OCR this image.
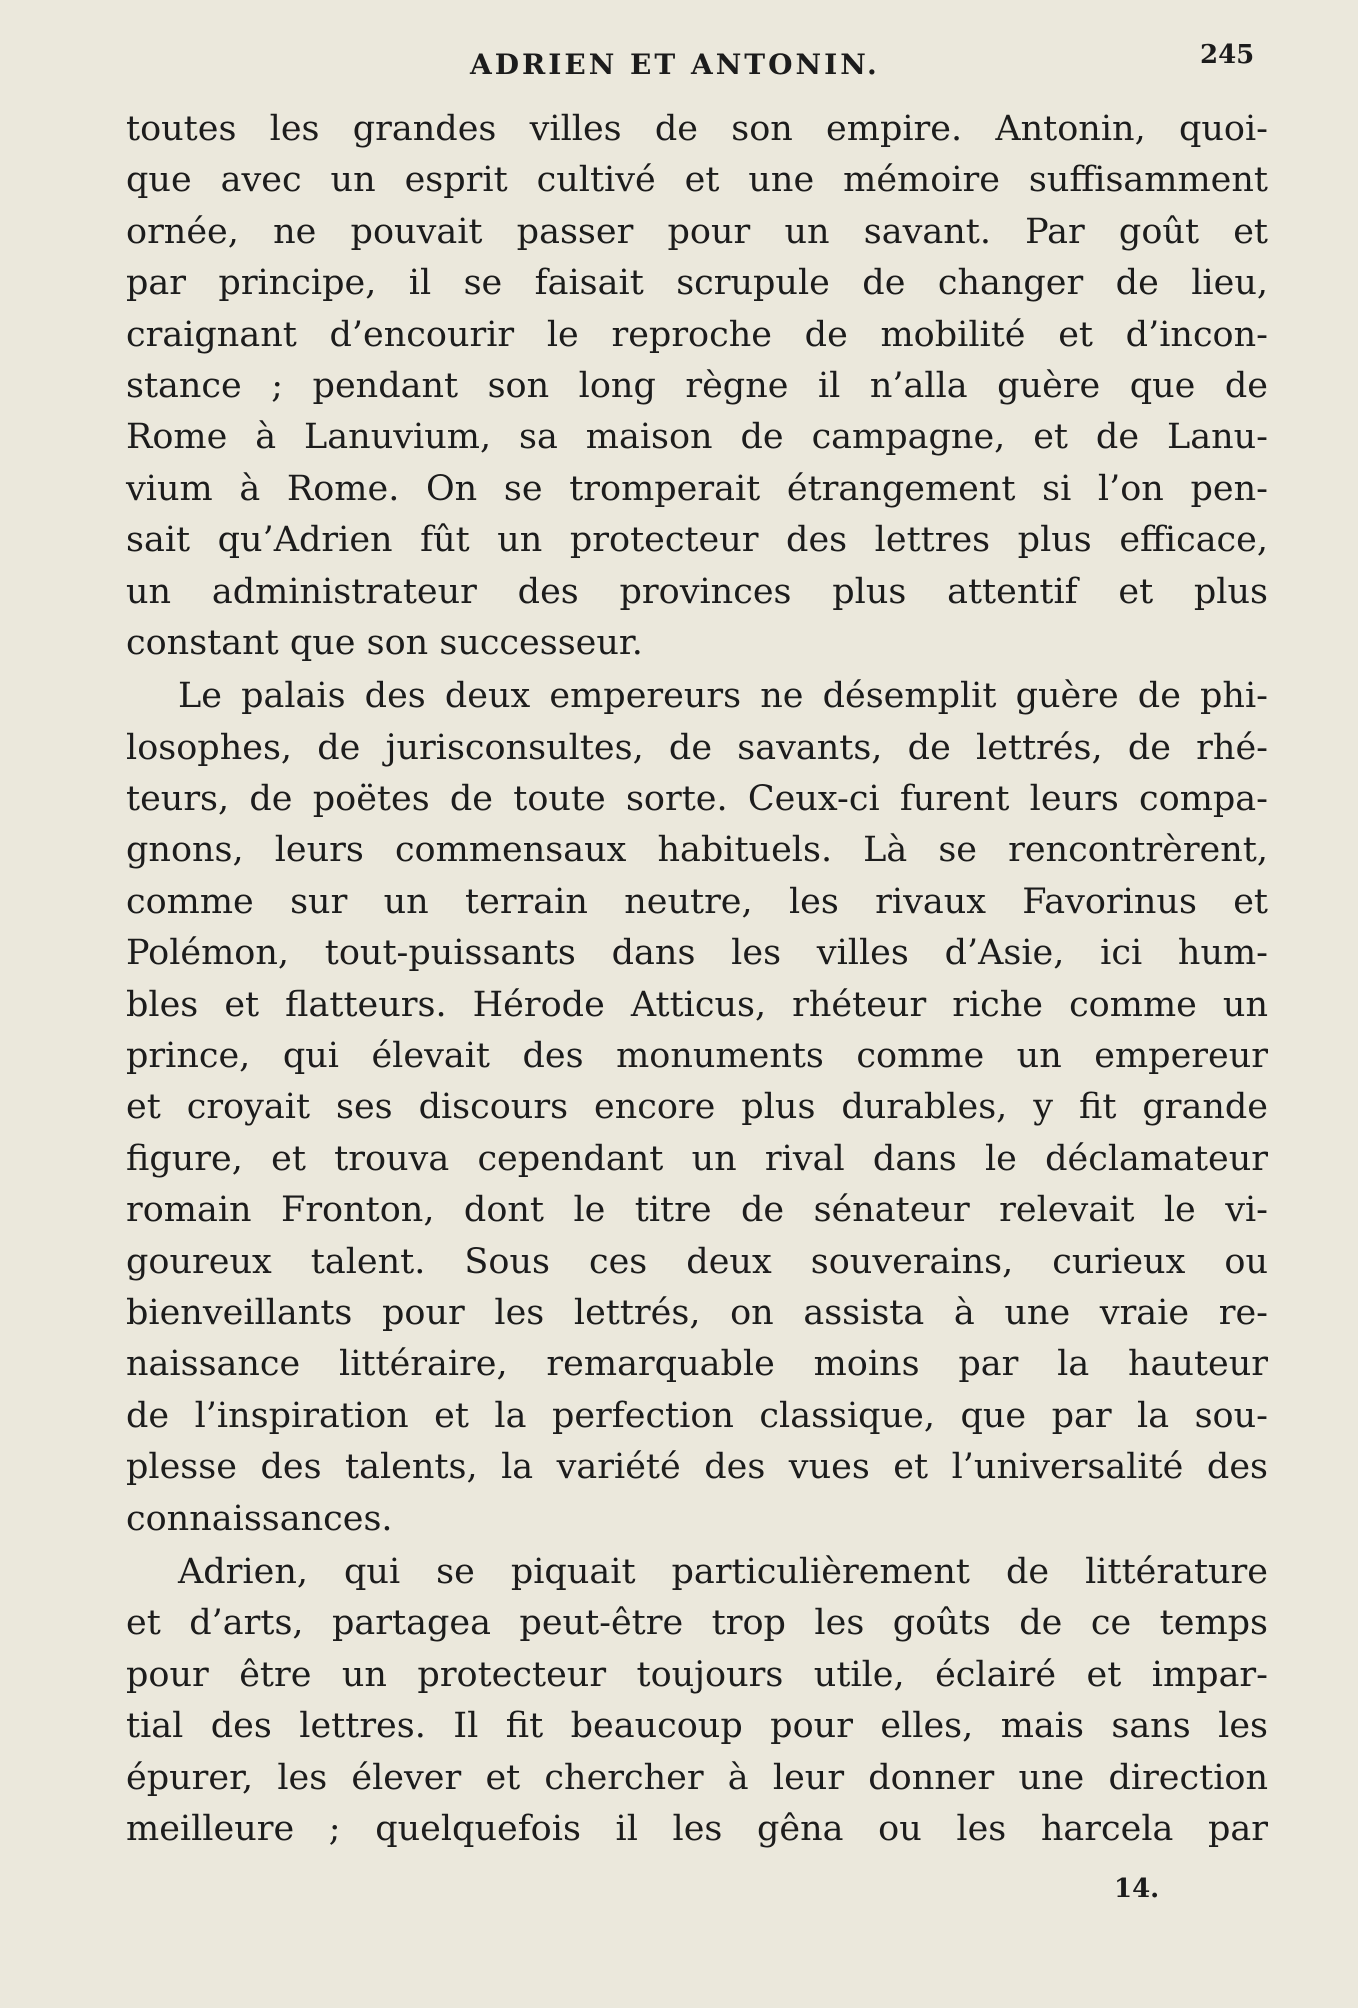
ADRIEN ET ANTONIN.	245
toutes les grandes villes de son empire. Antonin, quoi-
que avec un esprit cultivé et une mémoire suffisamment
ornée, ne pouvait passer pour un savant. Par goût et
par principe, il se faisait scrupule de changer de lieu,
craignant d’encourir le reproche de mobilité et d’incon-
stance ; pendant son long règne il n’alla guère que de
Rome à Lanuvium, sa maison de campagne, et de Lanu-
vium à Rome. On se tromperait étrangement si l’on pen-
sait qu’Adrien fût un protecteur des lettres plus efficace,
un administrateur des provinces plus attentif et plus
constant que son successeur.
Le palais des deux empereurs ne désemplit guère de phi-
losophes, de jurisconsultes, de savants, de lettrés, de rhé-
teurs, de poëtes de toute sorte. Ceux-ci furent leurs compa-
gnons, leurs commensaux habituels. Là se rencontrèrent,
comme sur un terrain neutre, les rivaux Favorinus et
Polémon, tout-puissants dans les villes d’Asie, ici hum-
bles et flatteurs. Hérode Atticus, rhéteur riche comme un
prince, qui élevait des monuments comme un empereur
et croyait ses discours encore plus durables, y fit grande
figure, et trouva cependant un rival dans le déclamateur
romain Fronton, dont le titre de sénateur relevait le vi-
goureux talent. Sous ces deux souverains, curieux ou
bienveillants pour les lettrés, on assista à une vraie re-
naissance littéraire, remarquable moins par la hauteur
de l’inspiration et la perfection classique, que par la sou-
plesse des talents, la variété des vues et l’universalité des
connaissances.
Adrien, qui se piquait particulièrement de littérature
et d’arts, partagea peut-être trop les goûts de ce temps
pour être un protecteur toujours utile, éclairé et impar-
tial des lettres. Il fit beaucoup pour elles, mais sans les
épurer, les élever et chercher à leur donner une direction
meilleure ; quelquefois il les gêna ou les harcela par
14.
